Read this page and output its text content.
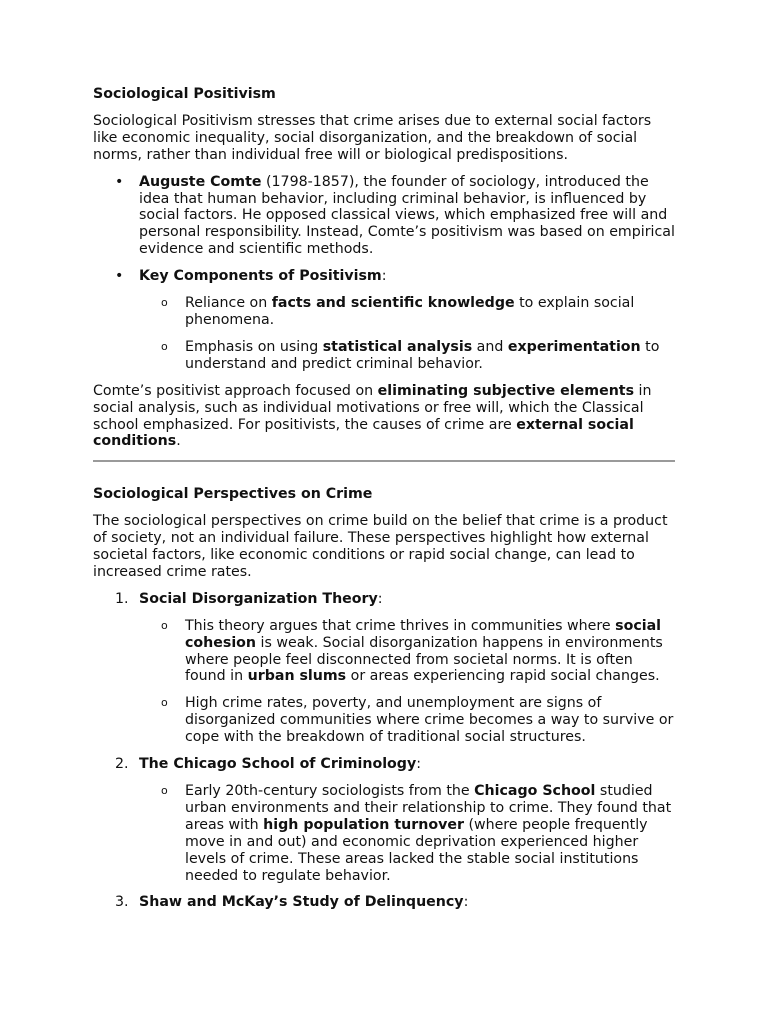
Sociological Positivism

Sociological Positivism stresses that crime arises due to external social factors like economic inequality, social disorganization, and the breakdown of social norms, rather than individual free will or biological predispositions.

• Auguste Comte (1798-1857), the founder of sociology, introduced the idea that human behavior, including criminal behavior, is influenced by social factors. He opposed classical views, which emphasized free will and personal responsibility. Instead, Comte’s positivism was based on empirical evidence and scientific methods.
• Key Components of Positivism:
o Reliance on facts and scientific knowledge to explain social phenomena.
o Emphasis on using statistical analysis and experimentation to understand and predict criminal behavior.

Comte’s positivist approach focused on eliminating subjective elements in social analysis, such as individual motivations or free will, which the Classical school emphasized. For positivists, the causes of crime are external social conditions.

Sociological Perspectives on Crime

The sociological perspectives on crime build on the belief that crime is a product of society, not an individual failure. These perspectives highlight how external societal factors, like economic conditions or rapid social change, can lead to increased crime rates.

1. Social Disorganization Theory:
o This theory argues that crime thrives in communities where social cohesion is weak. Social disorganization happens in environments where people feel disconnected from societal norms. It is often found in urban slums or areas experiencing rapid social changes.
o High crime rates, poverty, and unemployment are signs of disorganized communities where crime becomes a way to survive or cope with the breakdown of traditional social structures.
2. The Chicago School of Criminology:
o Early 20th-century sociologists from the Chicago School studied urban environments and their relationship to crime. They found that areas with high population turnover (where people frequently move in and out) and economic deprivation experienced higher levels of crime. These areas lacked the stable social institutions needed to regulate behavior.
3. Shaw and McKay’s Study of Delinquency:
